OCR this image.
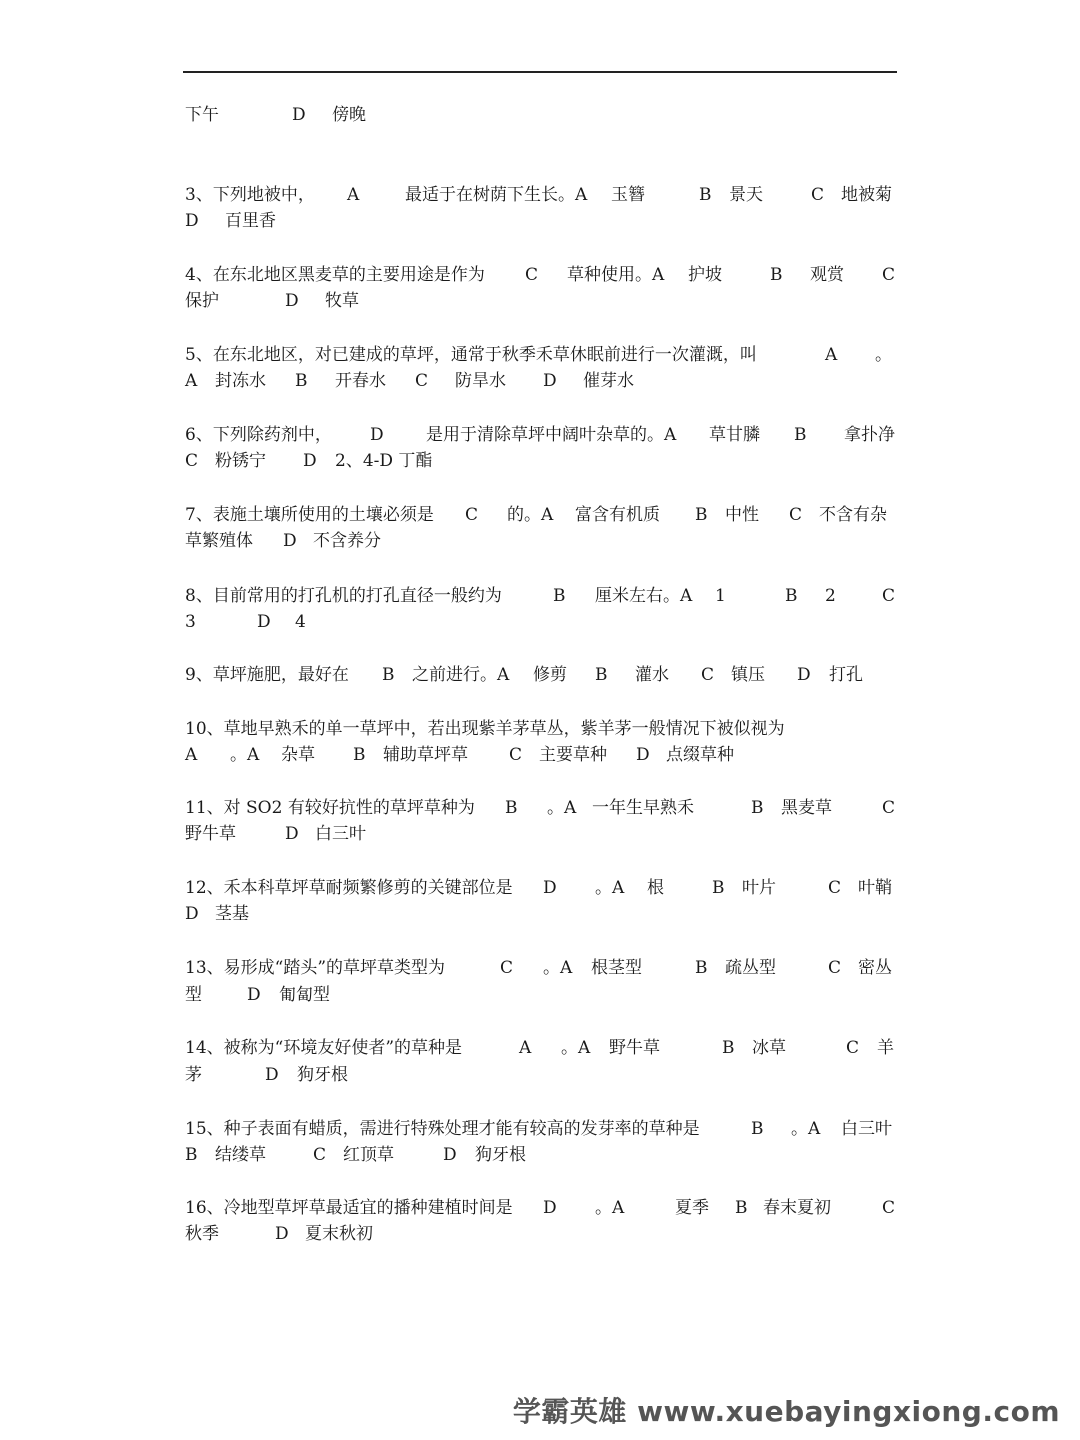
下午	D 傍晚
3、下列地被中， A	最适于在树荫下生长。A 玉簪	B 景天	C 地被菊
D 百里香
4、在东北地区黑麦草的主要用途是作为 C 草种使用。A 护坡	B 观赏 C
保护	D 牧草
5、在东北地区，对已建成的草坪，通常于秋季禾草休眠前进行一次灌溉，叫	A 。
A 封冻水 B 开春水 C 防旱水 D 催芽水
6、下列除药剂中， D 是用于清除草坪中阔叶杂草的。A 草甘膦 B 拿扑净
C 粉锈宁 D 2、4-D 丁酯
7、表施土壤所使用的土壤必须是 C 的。A 富含有机质 B 中性 C 不含有杂
草繁殖体 D 不含养分
8、目前常用的打孔机的打孔直径一般约为	B 厘米左右。A 1	B 2	C
3	D 4
9、草坪施肥，最好在 B 之前进行。A 修剪 B 灌水 C 镇压 D 打孔
10、草地早熟禾的单一草坪中，若出现紫羊茅草丛，紫羊茅一般情况下被似视为
A 。A 杂草 B 辅助草坪草 C 主要草种 D 点缀草种
11、对 SO2 有较好抗性的草坪草种为 B 。A 一年生早熟禾	B 黑麦草	C
野牛草	D 白三叶
12、禾本科草坪草耐频繁修剪的关键部位是 D 。A 根	B 叶片	C 叶鞘
D 茎基
13、易形成“踏头”的草坪草类型为	C 。A 根茎型	B 疏丛型	C 密丛
型	D 匍匐型
14、被称为“环境友好使者”的草种是	A 。A 野牛草	B 冰草	C 羊
茅	D 狗牙根
15、种子表面有蜡质，需进行特殊处理才能有较高的发芽率的草种是	B 。A 白三叶
B 结缕草	C 红顶草	D 狗牙根
16、冷地型草坪草最适宜的播种建植时间是 D 。A	夏季 B 春末夏初	C
秋季	D 夏末秋初
学霸英雄 www.xuebayingxiong.com
